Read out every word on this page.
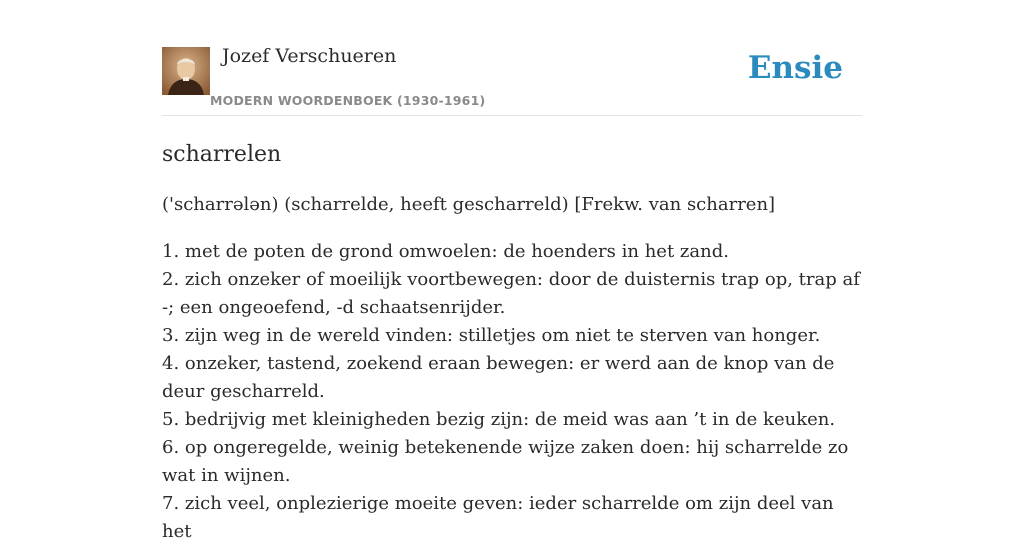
Jozef Verschueren
MODERN WOORDENBOEK (1930-1961)
Ensie
scharrelen

('scharrələn) (scharrelde, heeft gescharreld) [Frekw. van scharren]

1. met de poten de grond omwoelen: de hoenders in het zand.
2. zich onzeker of moeilijk voortbewegen: door de duisternis trap op, trap af -; een ongeoefend, -d schaatsenrijder.
3. zijn weg in de wereld vinden: stilletjes om niet te sterven van honger.
4. onzeker, tastend, zoekend eraan bewegen: er werd aan de knop van de deur gescharreld.
5. bedrijvig met kleinigheden bezig zijn: de meid was aan ’t in de keuken.
6. op ongeregelde, weinig betekenende wijze zaken doen: hij scharrelde zo wat in wijnen.
7. zich veel, onplezierige moeite geven: ieder scharrelde om zijn deel van het
